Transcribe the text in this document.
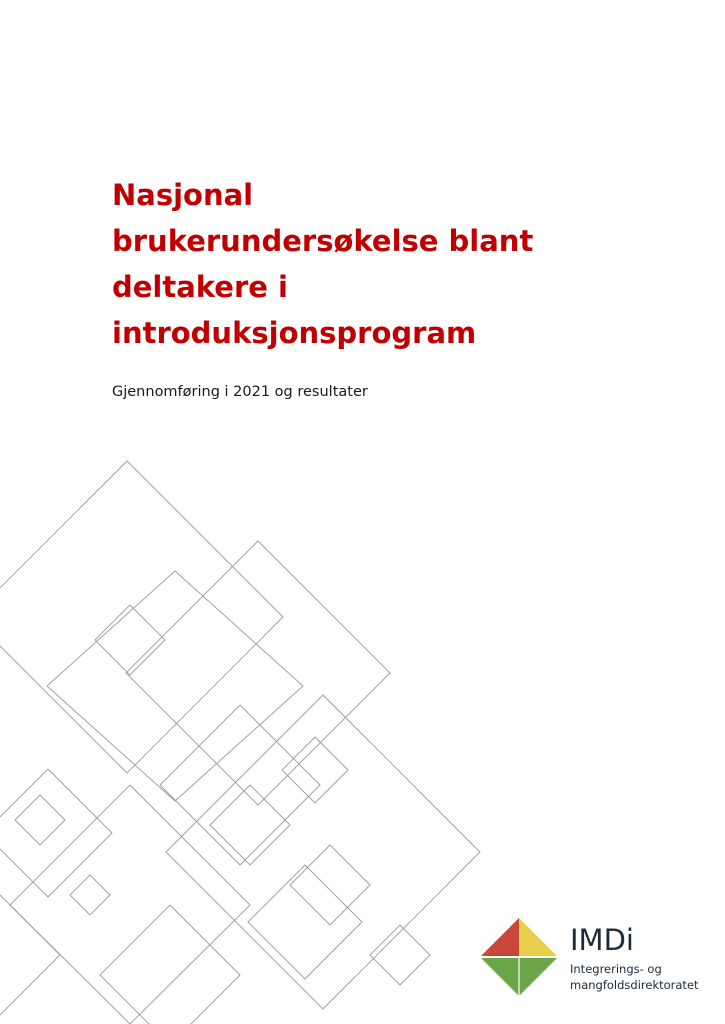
Nasjonal
brukerundersøkelse blant
deltakere i
introduksjonsprogram

Gjennomføring i 2021 og resultater

IMDi
Integrerings- og
mangfoldsdirektoratet
